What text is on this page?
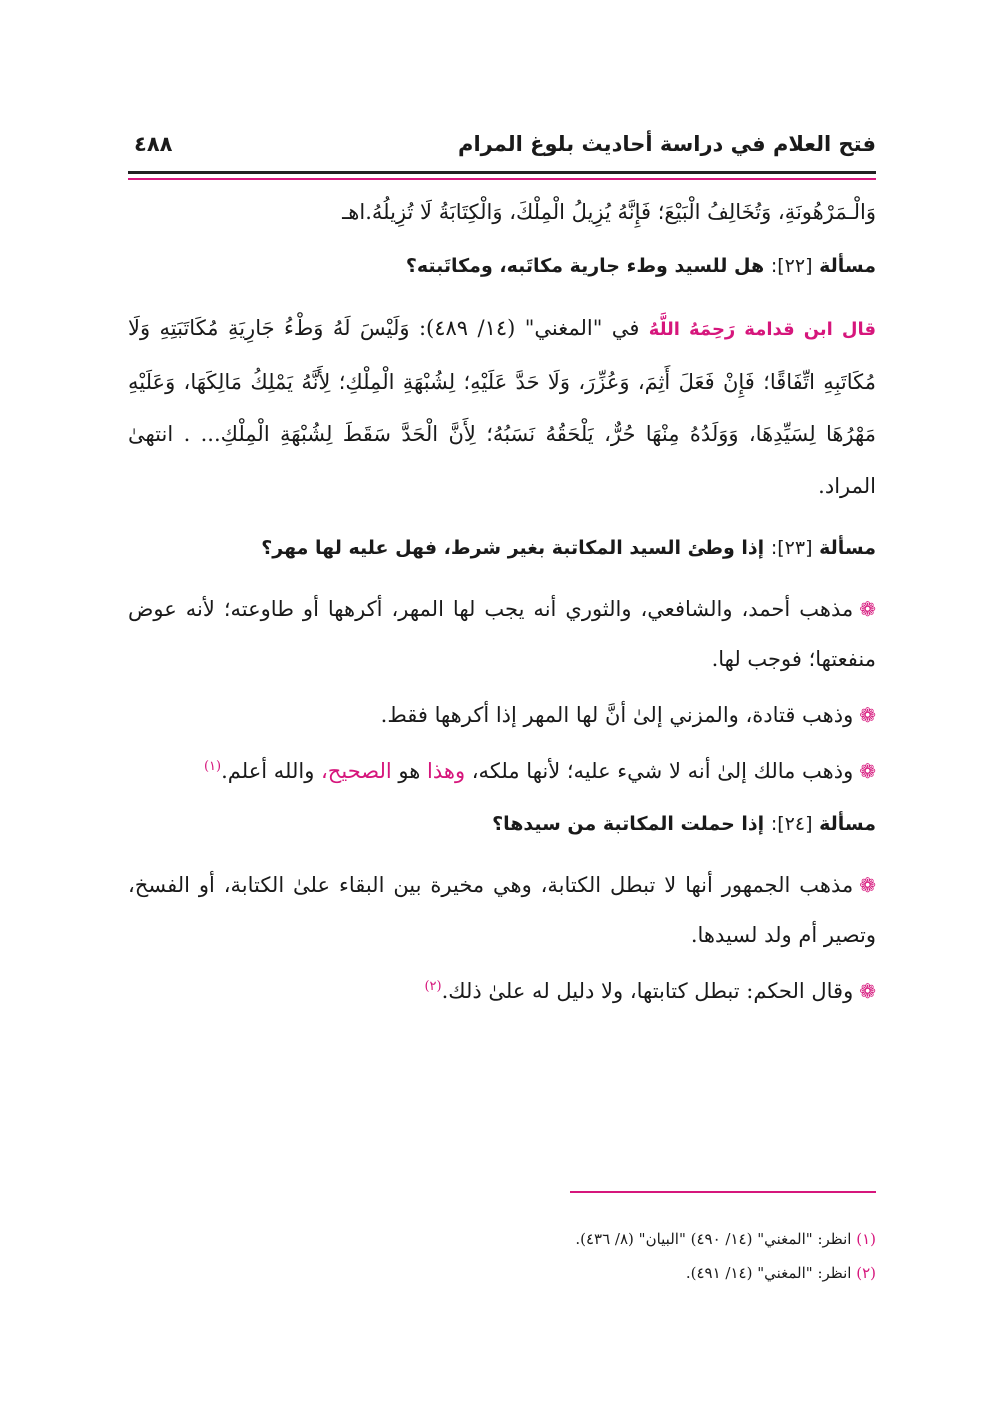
فتح العلام في دراسة أحاديث بلوغ المرام
٤٨٨

وَالْـمَرْهُونَةِ، وَتُخَالِفُ الْبَيْعَ؛ فَإِنَّهُ يُزِيلُ الْمِلْكَ، وَالْكِتَابَةُ لَا تُزِيلُهُ.اهـ

مسألة [٢٢]: هل للسيد وطء جارية مكاتَبه، ومكاتَبته؟

قال ابن قدامة رَحِمَهُ اللَّهُ في "المغني" (١٤/ ٤٨٩): وَلَيْسَ لَهُ وَطْءُ جَارِيَةِ مُكَاتَبَتِهِ وَلَا مُكَاتَبِهِ اتِّفَاقًا؛ فَإِنْ فَعَلَ أَثِمَ، وَعُزِّرَ، وَلَا حَدَّ عَلَيْهِ؛ لِشُبْهَةِ الْمِلْكِ؛ لِأَنَّهُ يَمْلِكُ مَالِكَهَا، وَعَلَيْهِ مَهْرُهَا لِسَيِّدِهَا، وَوَلَدُهُ مِنْهَا حُرٌّ، يَلْحَقُهُ نَسَبُهُ؛ لِأَنَّ الْحَدَّ سَقَطَ لِشُبْهَةِ الْمِلْكِ... . انتهىٰ المراد.

مسألة [٢٣]: إذا وطئ السيد المكاتبة بغير شرط، فهل عليه لها مهر؟

❁مذهب أحمد، والشافعي، والثوري أنه يجب لها المهر، أكرهها أو طاوعته؛ لأنه عوض منفعتها؛ فوجب لها.

❁وذهب قتادة، والمزني إلىٰ أنَّ لها المهر إذا أكرهها فقط.

❁وذهب مالك إلىٰ أنه لا شيء عليه؛ لأنها ملكه، وهذا هو الصحيح، والله أعلم.$^{(١)}$

مسألة [٢٤]: إذا حملت المكاتبة من سيدها؟

❁مذهب الجمهور أنها لا تبطل الكتابة، وهي مخيرة بين البقاء علىٰ الكتابة، أو الفسخ، وتصير أم ولد لسيدها.

❁وقال الحكم: تبطل كتابتها، ولا دليل له علىٰ ذلك.$^{(٢)}$

(١) انظر: "المغني" (١٤/ ٤٩٠) "البيان" (٨/ ٤٣٦).
(٢) انظر: "المغني" (١٤/ ٤٩١).
